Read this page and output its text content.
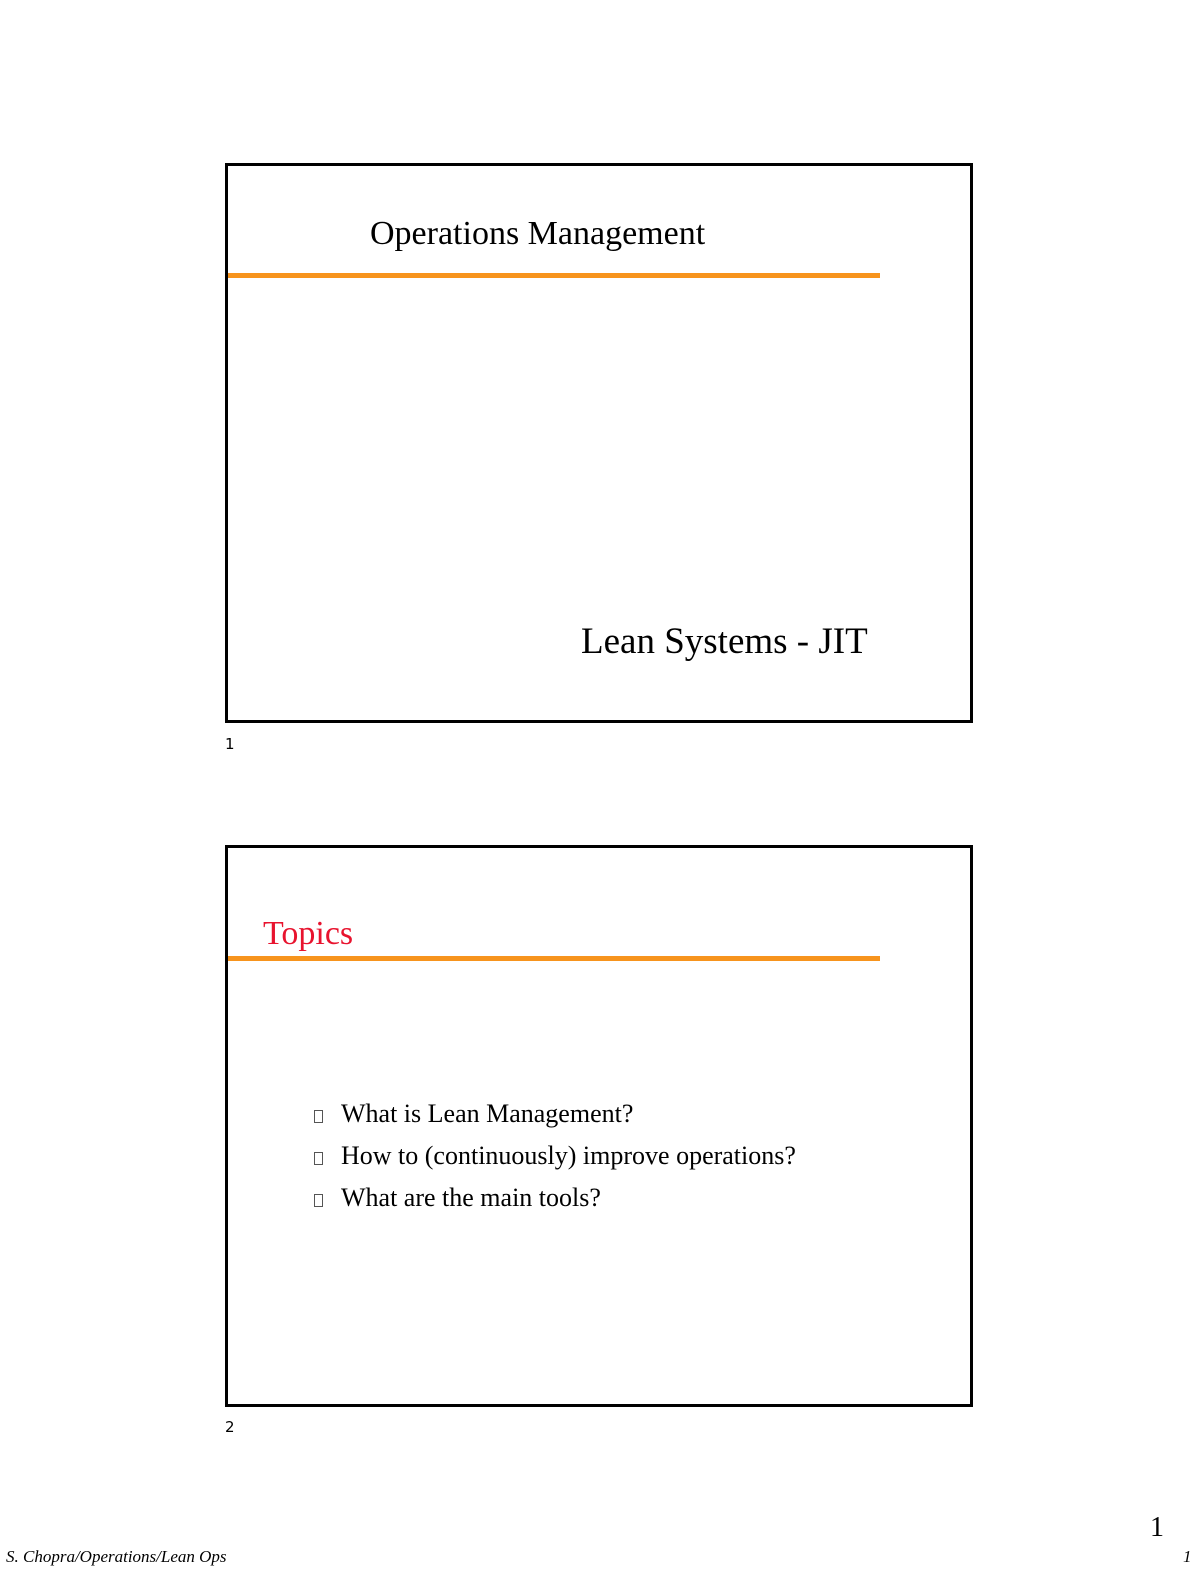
Operations Management
Lean Systems - JIT
1
Topics
What is Lean Management?
How to (continuously) improve operations?
What are the main tools?
2
1
S. Chopra/Operations/Lean Ops	1
